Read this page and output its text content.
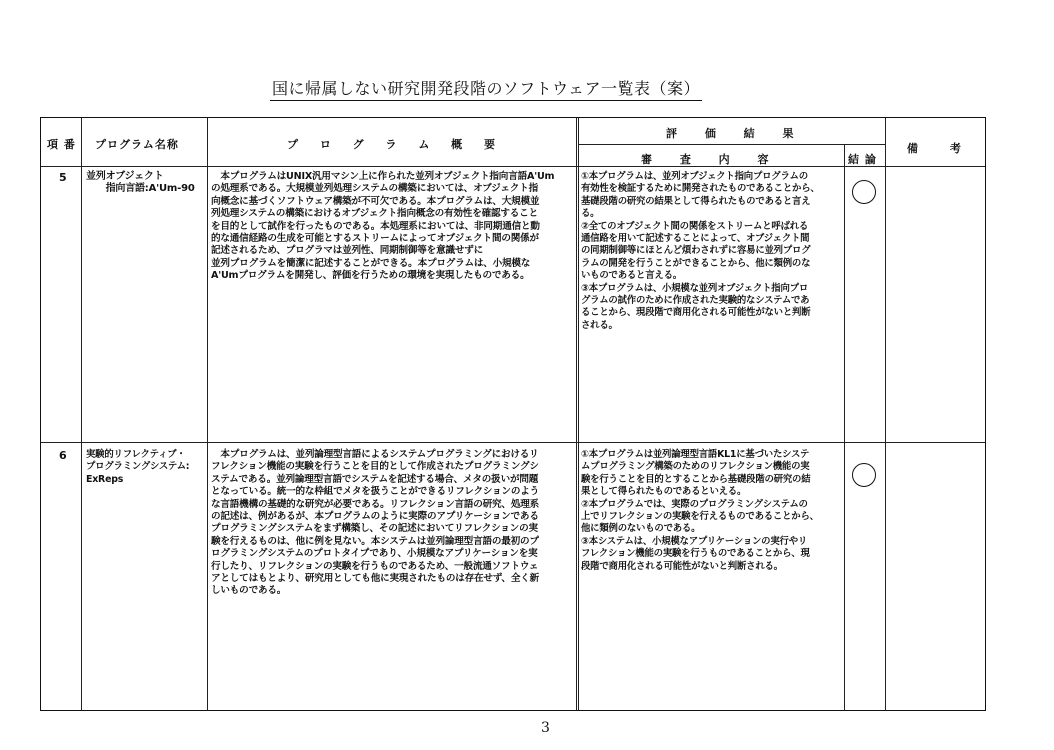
国に帰属しない研究開発段階のソフトウェア一覧表（案）
項 番 プログラム名称	プ ロ グ ラ ム 概 要
評 価 結 果
審 査 内 容	結 論
備 考
5 並列オブジェクト
　　指向言語:A'Um-90
　本プログラムはUNIX汎用マシン上に作られた並列オブジェクト指向言語A'Um
の処理系である。大規模並列処理システムの構築においては、オブジェクト指
向概念に基づくソフトウェア構築が不可欠である。本プログラムは、大規模並
列処理システムの構築におけるオブジェクト指向概念の有効性を確認すること
を目的として試作を行ったものである。本処理系においては、非同期通信と動
的な通信経路の生成を可能とするストリームによってオブジェクト間の関係が
記述されるため、プログラマは並列性、同期制御等を意識せずに
並列プログラムを簡潔に記述することができる。本プログラムは、小規模な
A'Umプログラムを開発し、評価を行うための環境を実現したものである。
①本プログラムは、並列オブジェクト指向プログラムの
有効性を検証するために開発されたものであることから、
基礎段階の研究の結果として得られたものであると言え
る。
②全てのオブジェクト間の関係をストリームと呼ばれる
通信路を用いて記述することによって、オブジェクト間
の同期制御等にほとんど煩わされずに容易に並列プログ
ラムの開発を行うことができることから、他に類例のな
いものであると言える。
③本プログラムは、小規模な並列オブジェクト指向プロ
グラムの試作のために作成された実験的なシステムであ
ることから、現段階で商用化される可能性がないと判断
される。
6 実験的リフレクティブ・
プログラミングシステム:
ExReps
　本プログラムは、並列論理型言語によるシステムプログラミングにおけるリ
フレクション機能の実験を行うことを目的として作成されたプログラミングシ
ステムである。並列論理型言語でシステムを記述する場合、メタの扱いが問題
となっている。統一的な枠組でメタを扱うことができるリフレクションのよう
な言語機構の基礎的な研究が必要である。リフレクション言語の研究、処理系
の記述は、例があるが、本プログラムのように実際のアプリケーションである
プログラミングシステムをまず構築し、その記述においてリフレクションの実
験を行えるものは、他に例を見ない。本システムは並列論理型言語の最初のプ
ログラミングシステムのプロトタイプであり、小規模なアプリケーションを実
行したり、リフレクションの実験を行うものであるため、一般流通ソフトウェ
アとしてはもとより、研究用としても他に実現されたものは存在せず、全く新
しいものである。
①本プログラムは並列論理型言語KL1に基づいたシステ
ムプログラミング構築のためのリフレクション機能の実
験を行うことを目的とすることから基礎段階の研究の結
果として得られたものであるといえる。
②本プログラムでは、実際のプログラミングシステムの
上でリフレクションの実験を行えるものであることから、
他に類例のないものである。
③本システムは、小規模なアプリケーションの実行やリ
フレクション機能の実験を行うものであることから、現
段階で商用化される可能性がないと判断される。
3
